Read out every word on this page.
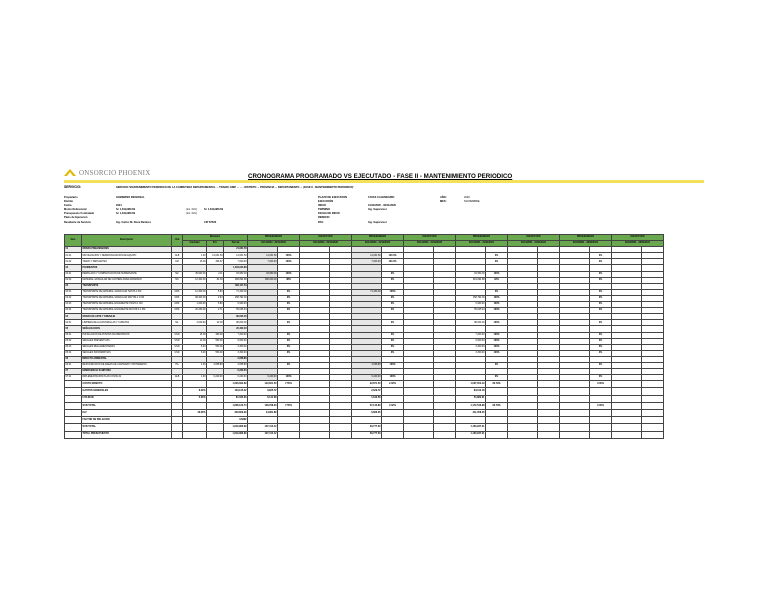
ONSORCIO PHOENIX	CRONOGRAMA PROGRAMADO VS EJECUTADO - FASE II - MANTENIMIENTO PERIODICO
SERVICIO:	SERVICIO 'MANTENIMIENTO PERIODICO DE LA CARRETERA DEPARTAMENTAL ... TRAMO: EMP. ... - ... DISTRITO ... PROVINCIA ... DEPARTAMENTO ... (FASE II - MANTENIMIENTO PERIODICO)'
Propietario	GOBIERNO REGIONAL
Distrito
Fecha	2021
Monto Referencial	S/. 1,819,980.69	(inc. IGV)	S/. 1,819,980.69
Presupuesto Contratado	S/. 1,819,980.69	(inc. IGV)
Plazo de Ejecucion
Residente de Servicio	Ing. Carlos M. Roca Ramirez	CIP 87523
PLAZO DE EJECUCION	0 DIAS CALENDARIO
EJECUCIÓN
INICIO	01/11/2020 - 30/11/2020
TERMINO	Ing. Supervisor
FECHA DE INICIO
REINICIO
PAG	Ing. Supervisor
AÑO:	2020
MES:	NOVIEMBRE
Item	Descripcion	Und	Metrados			PROGRAMADO		EJECUTADO		PROGRAMADO		EJECUTADO		PROGRAMADO		EJECUTADO		PROGRAMADO		EJECUTADO	
			Cantidad	P.U.	Parcial	01/11/2020 - 30/11/2020		01/11/2020 - 30/11/2020		01/12/2020 - 31/12/2020		01/12/2020 - 31/12/2020		01/01/2021 - 31/01/2021		01/01/2021 - 31/01/2021		01/02/2021 - 28/02/2021		01/02/2021 - 28/02/2021	
01	OBRAS PRELIMINARES				21,631.50																
01.01	MOVILIZACION Y DESMOVILIZACION DE EQUIPO	GLB	1.00	14,631.50	14,631.50	14,631.50	100%			14,631.50	100.0%				0%				0%		
01.02	TRAZO Y REPLANTEO	KM	15.00	466.67	7,000.00	7,000.00	100%			7,000.00	100.0%				0%				0%		
02	PAVIMENTOS				1,094,644.88																
02.01	PERFILADO Y COMPACTACION DE SUBRASANTE	M2	45,000.00	2.11	94,950.00	94,950.00	100%				0%			94,950.00	100%				0%		
02.02	MATERIAL GRANULAR DE CANTERA PARA AFIRMADO	M3	12,300.00	81.30	999,694.88	380,000.00	38%				0%			619,694.88	62%				0%		
03	TRANSPORTE				392,117.43																
03.01	TRANSPORTE DE MATERIAL GRANULAR HASTA 1 KM	M3K	12,300.00	5.80	71,340.00		0%			71,340.00	100%				0%				0%		
03.02	TRANSPORTE DE MATERIAL GRANULAR MAYOR A 1 KM	M3K	98,400.00	2.63	258,792.00		0%				0%			258,792.00	100%				0%		
03.03	TRANSPORTE DE MATERIAL EXCEDENTE HASTA 1 KM	M3K	1,200.00	5.80	6,960.00		0%				0%			6,960.00	100%				0%		
03.04	TRANSPORTE DE MATERIAL EXCEDENTE MAYOR A 1 KM	M3K	20,250.00	2.71	55,025.43		0%				0%			55,025.43	100%				0%		
04	OBRAS DE ARTE Y DRENAJE				88,000.00																
04.01	LIMPIEZA DE ALCANTARILLAS Y CUNETAS	ML	4,000.00	22.00	88,000.00		0%				0%			88,000.00	100%				0%		
05	SEÑALIZACION				20,400.00																
05.01	INSTALACION DE POSTES KILOMETRICOS	UND	15.00	480.00	7,200.00		0%				0%			7,200.00	100%				0%		
05.02	SEÑALES PREVENTIVAS	UND	12.00	550.00	6,600.00		0%				0%			6,600.00	100%				0%		
05.03	SEÑALES REGLAMENTARIAS	UND	6.00	550.00	3,300.00		0%				0%			3,300.00	100%				0%		
05.04	SEÑALES INFORMATIVAS	UND	6.00	550.00	3,300.00		0%				0%			3,300.00	100%				0%		
06	IMPACTO AMBIENTAL				3,658.88																
06.01	RESTAURACION DE AREAS DE CANTERAS Y BOTADEROS	HA	1.00	3,658.88	3,658.88		0%			3,658.88	100%				0%				0%		
07	EMERGENCIA SANITARIA				6,240.00																
07.01	IMPLEMENTACION PLAN COVID-19	GLB	1.00	6,240.00	6,240.00	6,240.00	100%			6,240.00	100%				0%				0%		
	COSTO DIRECTO				1,626,692.69	122,821.50	7.55%			32,871.50	2.02%			1,037,652.19	63.79%				0.00%		
	GASTOS GENERALES		8.00%		130,135.42	9,825.72				2,629.72				83,012.18							
	UTILIDAD		5.00%		81,334.63	6,141.08				1,643.58				51,882.61							
	SUB TOTAL				1,838,162.74	138,788.30	7.55%			37,144.80	2.02%			1,172,546.98	63.79%				0.00%		
	IGV		18.00%		330,869.29	24,981.89				6,686.06				211,058.46							
	FACTOR DE RELACION				0.8392																
	SUB TOTAL				1,819,980.69	137,414.12				36,777.03				1,160,937.21							
	TOTAL PRESUPUESTO				1,819,980.69	137,414.12				36,777.03				1,160,937.21							
